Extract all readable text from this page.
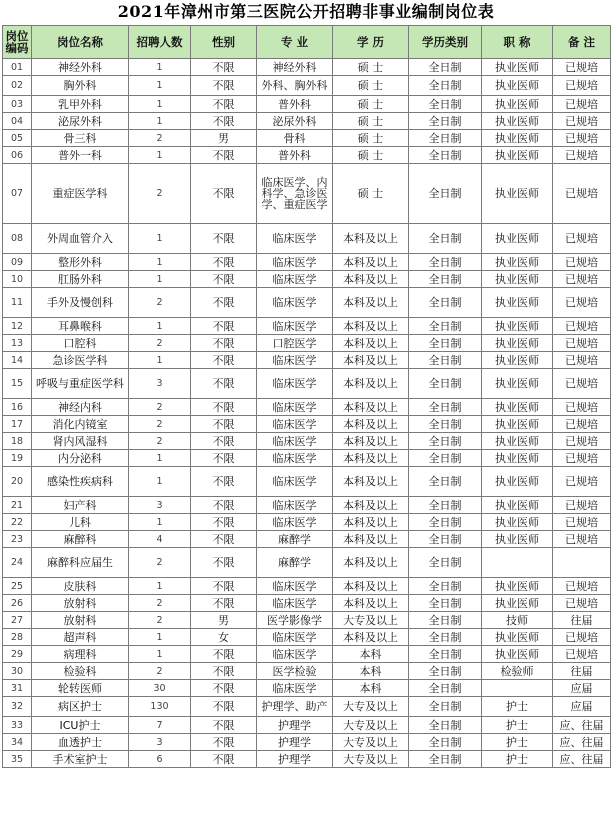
2021年漳州市第三医院公开招聘非事业编制岗位表
岗位编码	岗位名称	招聘人数	性别	专 业	学 历	学历类别	职 称	备 注
01	神经外科	1	不限	神经外科	硕 士	全日制	执业医师	已规培
02	胸外科	1	不限	外科、胸外科	硕 士	全日制	执业医师	已规培
03	乳甲外科	1	不限	普外科	硕 士	全日制	执业医师	已规培
04	泌尿外科	1	不限	泌尿外科	硕 士	全日制	执业医师	已规培
05	骨三科	2	男	骨科	硕 士	全日制	执业医师	已规培
06	普外一科	1	不限	普外科	硕 士	全日制	执业医师	已规培
07	重症医学科	2	不限	临床医学、内科学、急诊医学、重症医学	硕 士	全日制	执业医师	已规培
08	外周血管介入	1	不限	临床医学	本科及以上	全日制	执业医师	已规培
09	整形外科	1	不限	临床医学	本科及以上	全日制	执业医师	已规培
10	肛肠外科	1	不限	临床医学	本科及以上	全日制	执业医师	已规培
11	手外及慢创科	2	不限	临床医学	本科及以上	全日制	执业医师	已规培
12	耳鼻喉科	1	不限	临床医学	本科及以上	全日制	执业医师	已规培
13	口腔科	2	不限	口腔医学	本科及以上	全日制	执业医师	已规培
14	急诊医学科	1	不限	临床医学	本科及以上	全日制	执业医师	已规培
15	呼吸与重症医学科	3	不限	临床医学	本科及以上	全日制	执业医师	已规培
16	神经内科	2	不限	临床医学	本科及以上	全日制	执业医师	已规培
17	消化内镜室	2	不限	临床医学	本科及以上	全日制	执业医师	已规培
18	肾内风湿科	2	不限	临床医学	本科及以上	全日制	执业医师	已规培
19	内分泌科	1	不限	临床医学	本科及以上	全日制	执业医师	已规培
20	感染性疾病科	1	不限	临床医学	本科及以上	全日制	执业医师	已规培
21	妇产科	3	不限	临床医学	本科及以上	全日制	执业医师	已规培
22	儿科	1	不限	临床医学	本科及以上	全日制	执业医师	已规培
23	麻醉科	4	不限	麻醉学	本科及以上	全日制	执业医师	已规培
24	麻醉科应届生	2	不限	麻醉学	本科及以上	全日制		
25	皮肤科	1	不限	临床医学	本科及以上	全日制	执业医师	已规培
26	放射科	2	不限	临床医学	本科及以上	全日制	执业医师	已规培
27	放射科	2	男	医学影像学	大专及以上	全日制	技师	往届
28	超声科	1	女	临床医学	本科及以上	全日制	执业医师	已规培
29	病理科	1	不限	临床医学	本科	全日制	执业医师	已规培
30	检验科	2	不限	医学检验	本科	全日制	检验师	往届
31	轮转医师	30	不限	临床医学	本科	全日制		应届
32	病区护士	130	不限	护理学、助产	大专及以上	全日制	护士	应届
33	ICU护士	7	不限	护理学	大专及以上	全日制	护士	应、往届
34	血透护士	3	不限	护理学	大专及以上	全日制	护士	应、往届
35	手术室护士	6	不限	护理学	大专及以上	全日制	护士	应、往届
